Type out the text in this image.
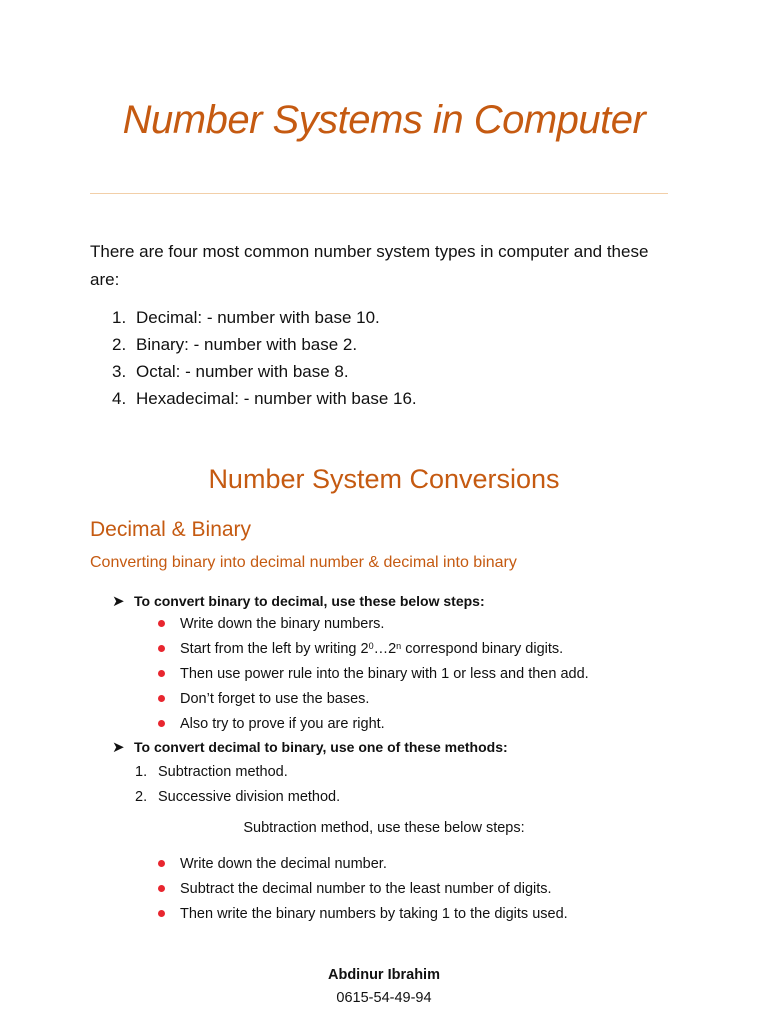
Number Systems in Computer
There are four most common number system types in computer and these are:
1. Decimal: - number with base 10.
2. Binary: - number with base 2.
3. Octal: - number with base 8.
4. Hexadecimal: - number with base 16.
Number System Conversions
Decimal & Binary
Converting binary into decimal number & decimal into binary
➤ To convert binary to decimal, use these below steps:
Write down the binary numbers.
Start from the left by writing $2^0\dots 2^n$ correspond binary digits.
Then use power rule into the binary with 1 or less and then add.
Don’t forget to use the bases.
Also try to prove if you are right.
➤ To convert decimal to binary, use one of these methods:
1. Subtraction method.
2. Successive division method.
Subtraction method, use these below steps:
Write down the decimal number.
Subtract the decimal number to the least number of digits.
Then write the binary numbers by taking 1 to the digits used.
Abdinur Ibrahim
0615-54-49-94
